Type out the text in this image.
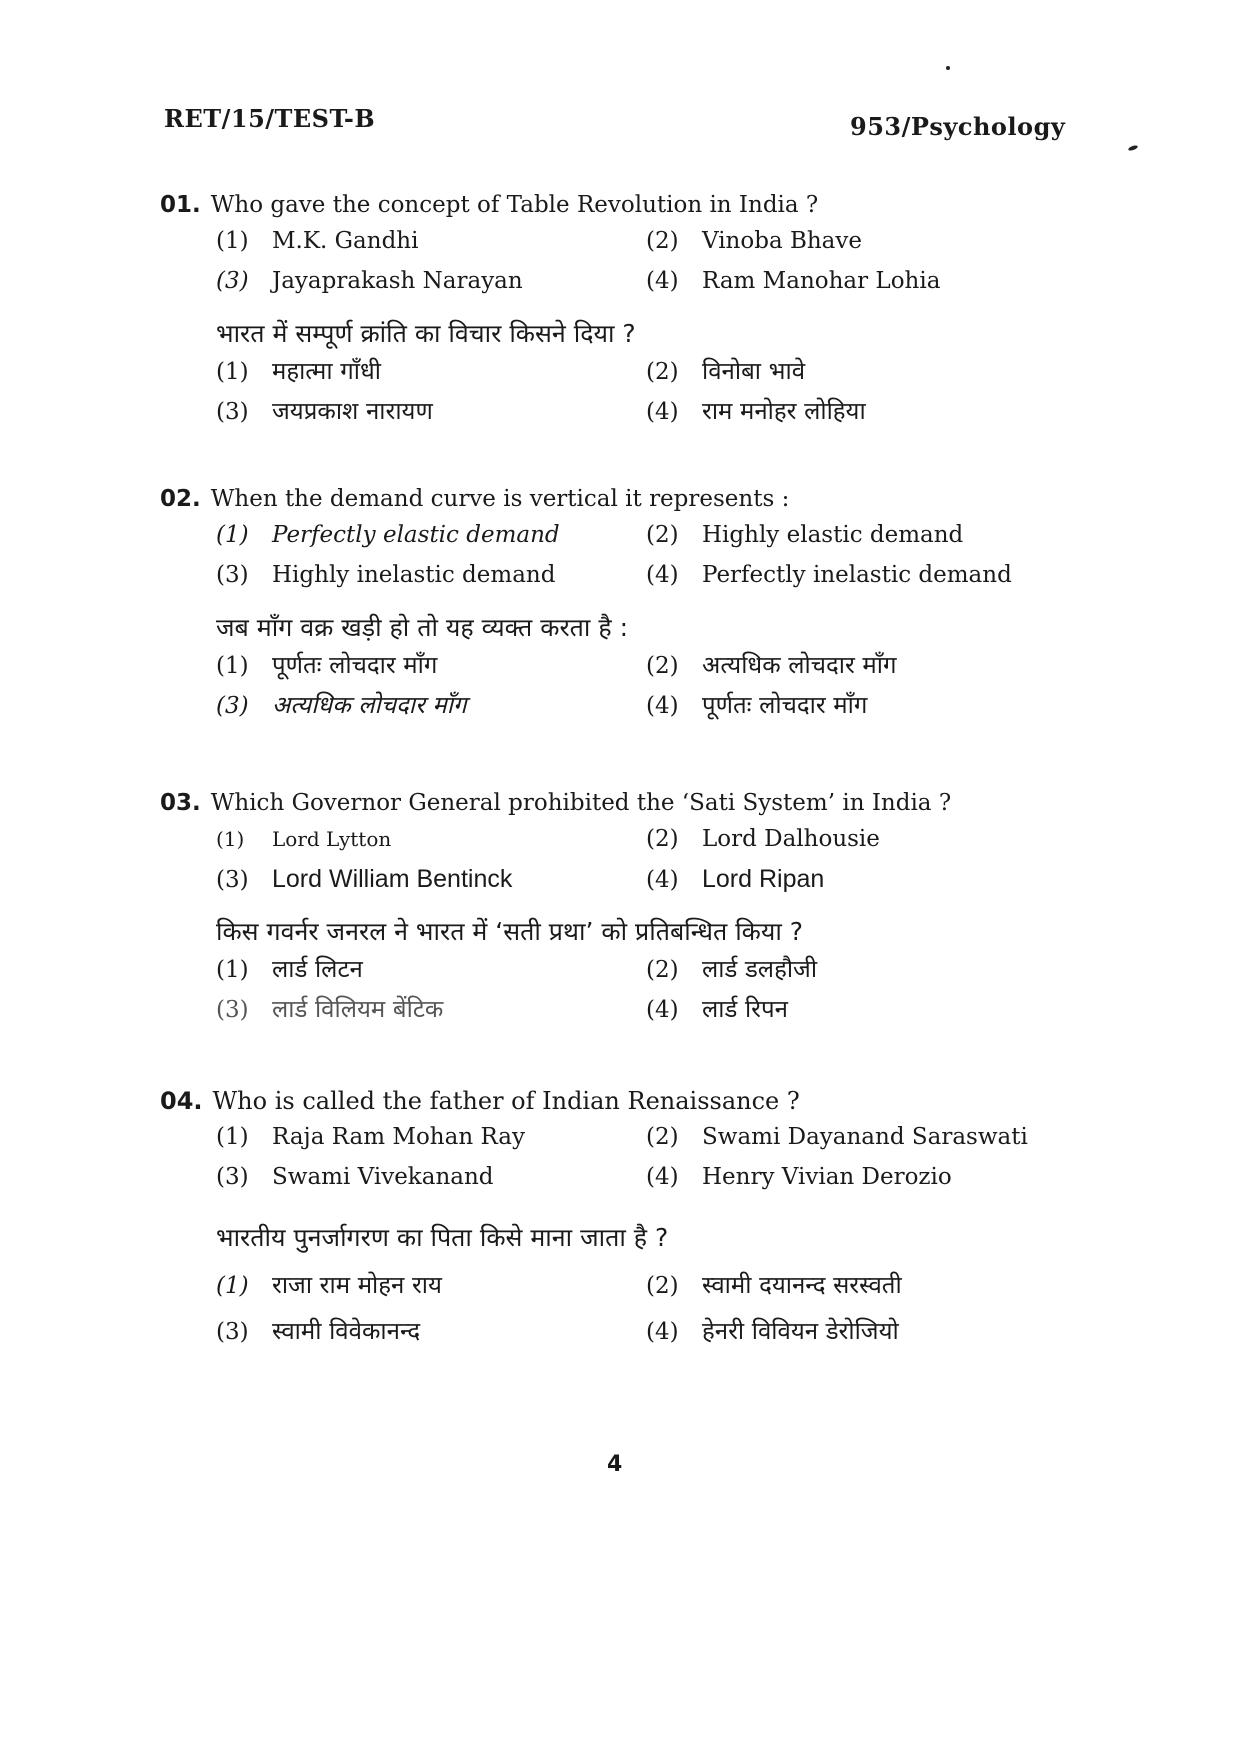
RET/15/TEST-B	953/Psychology
01. Who gave the concept of Table Revolution in India ?
(1) M.K. Gandhi	(2) Vinoba Bhave
(3) Jayaprakash Narayan	(4) Ram Manohar Lohia
भारत में सम्पूर्ण क्रांति का विचार किसने दिया ?
(1) महात्मा गाँधी	(2) विनोबा भावे
(3) जयप्रकाश नारायण	(4) राम मनोहर लोहिया
02. When the demand curve is vertical it represents :
(1) Perfectly elastic demand	(2) Highly elastic demand
(3) Highly inelastic demand	(4) Perfectly inelastic demand
जब माँग वक्र खड़ी हो तो यह व्यक्त करता है :
(1) पूर्णतः लोचदार माँग	(2) अत्यधिक लोचदार माँग
(3) अत्यधिक लोचदार माँग	(4) पूर्णतः लोचदार माँग
03. Which Governor General prohibited the ‘Sati System’ in India ?
(1) Lord Lytton	(2) Lord Dalhousie
(3) Lord William Bentinck	(4) Lord Ripan
किस गवर्नर जनरल ने भारत में ‘सती प्रथा’ को प्रतिबन्धित किया ?
(1) लार्ड लिटन	(2) लार्ड डलहौजी
(3) लार्ड विलियम बेंटिक	(4) लार्ड रिपन
04. Who is called the father of Indian Renaissance ?
(1) Raja Ram Mohan Ray	(2) Swami Dayanand Saraswati
(3) Swami Vivekanand	(4) Henry Vivian Derozio
भारतीय पुनर्जागरण का पिता किसे माना जाता है ?
(1) राजा राम मोहन राय	(2) स्वामी दयानन्द सरस्वती
(3) स्वामी विवेकानन्द	(4) हेनरी विवियन डेरोजियो
4
